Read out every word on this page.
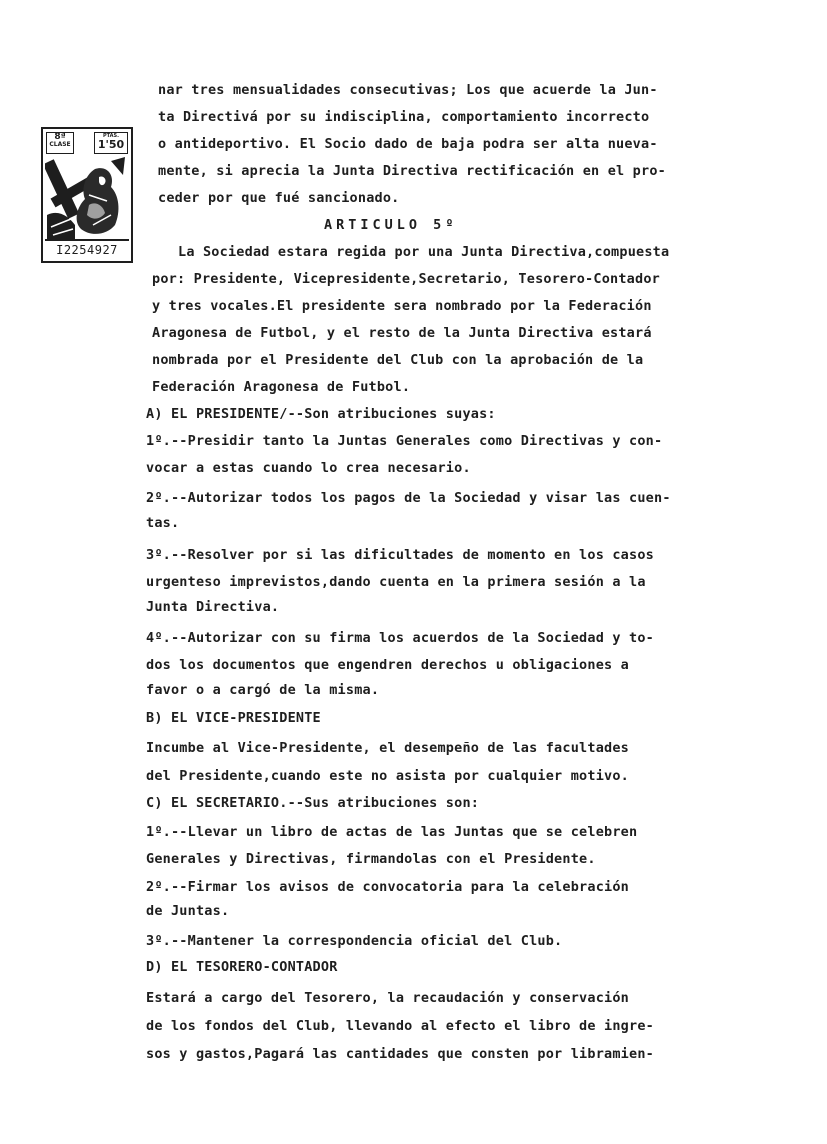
8ª
CLASE
PTAS.
1'50
I2254927
nar tres mensualidades consecutivas; Los que acuerde la Jun-
ta Directivá por su indisciplina, comportamiento incorrecto
o antideportivo. El Socio dado de baja podra ser alta nueva-
mente, si aprecia la Junta Directiva rectificación en el pro-
ceder por que fué sancionado.
ARTICULO 5º
La Sociedad estara regida por una Junta Directiva,compuesta
por: Presidente, Vicepresidente,Secretario, Tesorero-Contador
y tres vocales.El presidente sera nombrado por la Federación
Aragonesa de Futbol, y el resto de la Junta Directiva estará
nombrada por el Presidente del Club con la aprobación de la
Federación Aragonesa de Futbol.
A) EL PRESIDENTE/--Son atribuciones suyas:
1º.--Presidir tanto la Juntas Generales como Directivas y con-
vocar a estas cuando lo crea necesario.
2º.--Autorizar todos los pagos de la Sociedad y visar las cuen-
tas.
3º.--Resolver por si las dificultades de momento en los casos
urgenteso imprevistos,dando cuenta en la primera sesión a la
Junta Directiva.
4º.--Autorizar con su firma los acuerdos de la Sociedad y to-
dos los documentos que engendren derechos u obligaciones a
favor o a cargó de la misma.
B) EL VICE-PRESIDENTE
Incumbe al Vice-Presidente, el desempeño de las facultades
del Presidente,cuando este no asista por cualquier motivo.
C) EL SECRETARIO.--Sus atribuciones son:
1º.--Llevar un libro de actas de las Juntas que se celebren
Generales y Directivas, firmandolas con el Presidente.
2º.--Firmar los avisos de convocatoria para la celebración
de Juntas.
3º.--Mantener la correspondencia oficial del Club.
D) EL TESORERO-CONTADOR
Estará a cargo del Tesorero, la recaudación y conservación
de los fondos del Club, llevando al efecto el libro de ingre-
sos y gastos,Pagará las cantidades que consten por libramien-
